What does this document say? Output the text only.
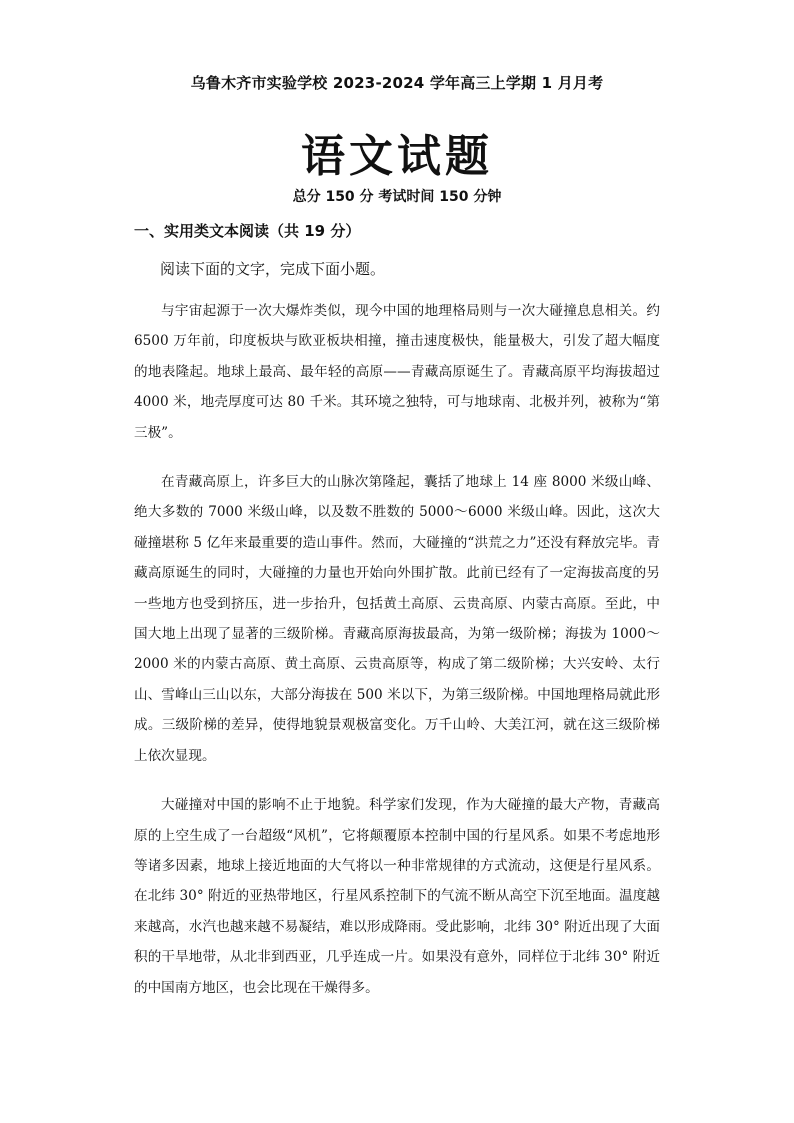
乌鲁木齐市实验学校 2023-2024 学年高三上学期 1 月月考
语文试题
总分 150 分 考试时间 150 分钟
一、实用类文本阅读（共 19 分）
阅读下面的文字，完成下面小题。

与宇宙起源于一次大爆炸类似，现今中国的地理格局则与一次大碰撞息息相关。约 6500 万年前，印度板块与欧亚板块相撞，撞击速度极快，能量极大，引发了超大幅度的地表隆起。地球上最高、最年轻的高原——青藏高原诞生了。青藏高原平均海拔超过 4000 米，地壳厚度可达 80 千米。其环境之独特，可与地球南、北极并列，被称为“第三极”。

在青藏高原上，许多巨大的山脉次第隆起，囊括了地球上 14 座 8000 米级山峰、绝大多数的 7000 米级山峰，以及数不胜数的 5000～6000 米级山峰。因此，这次大碰撞堪称 5 亿年来最重要的造山事件。然而，大碰撞的“洪荒之力”还没有释放完毕。青藏高原诞生的同时，大碰撞的力量也开始向外围扩散。此前已经有了一定海拔高度的另一些地方也受到挤压，进一步抬升，包括黄土高原、云贵高原、内蒙古高原。至此，中国大地上出现了显著的三级阶梯。青藏高原海拔最高，为第一级阶梯；海拔为 1000～2000 米的内蒙古高原、黄土高原、云贵高原等，构成了第二级阶梯；大兴安岭、太行山、雪峰山三山以东，大部分海拔在 500 米以下，为第三级阶梯。中国地理格局就此形成。三级阶梯的差异，使得地貌景观极富变化。万千山岭、大美江河，就在这三级阶梯上依次显现。

大碰撞对中国的影响不止于地貌。科学家们发现，作为大碰撞的最大产物，青藏高原的上空生成了一台超级“风机”，它将颠覆原本控制中国的行星风系。如果不考虑地形等诸多因素，地球上接近地面的大气将以一种非常规律的方式流动，这便是行星风系。在北纬 30° 附近的亚热带地区，行星风系控制下的气流不断从高空下沉至地面。温度越来越高，水汽也越来越不易凝结，难以形成降雨。受此影响，北纬 30° 附近出现了大面积的干旱地带，从北非到西亚，几乎连成一片。如果没有意外，同样位于北纬 30° 附近的中国南方地区，也会比现在干燥得多。
